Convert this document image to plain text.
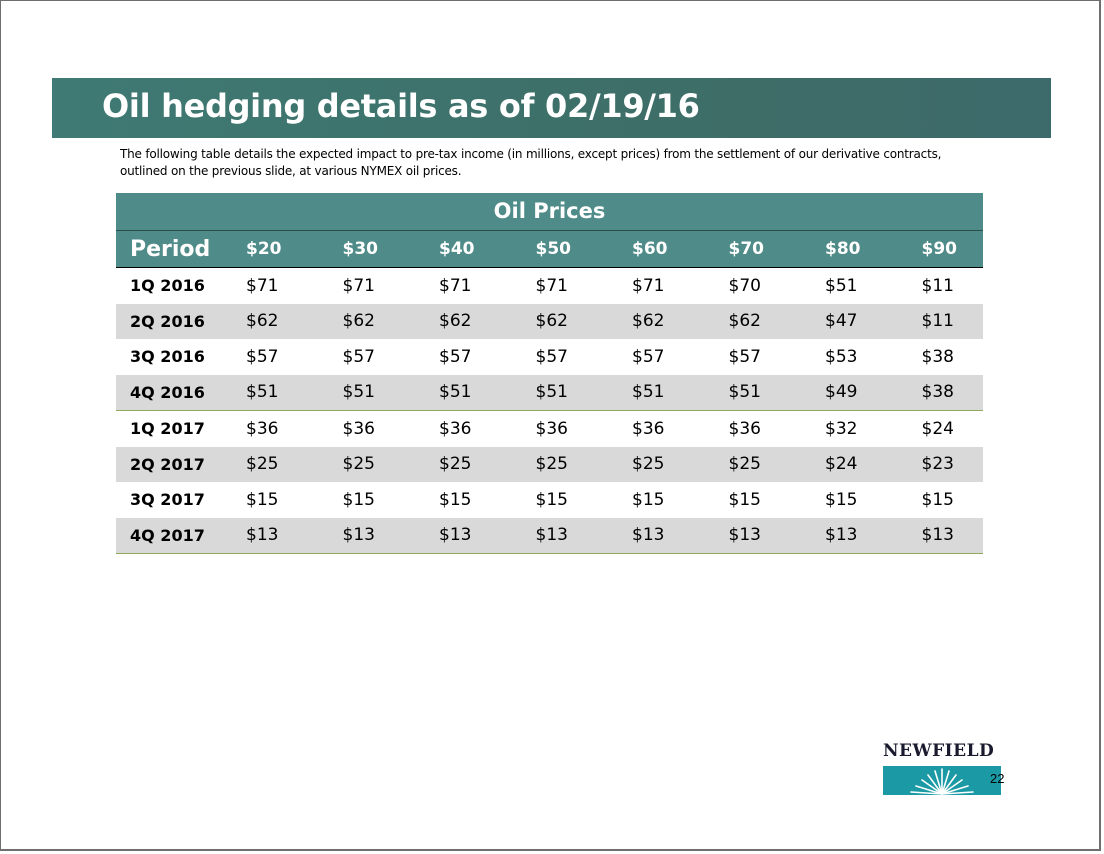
Oil hedging details as of 02/19/16
The following table details the expected impact to pre-tax income (in millions, except prices) from the settlement of our derivative contracts,
outlined on the previous slide, at various NYMEX oil prices.
Oil Prices
Period	$20	$30	$40	$50	$60	$70	$80	$90
1Q 2016	$71	$71	$71	$71	$71	$70	$51	$11
2Q 2016	$62	$62	$62	$62	$62	$62	$47	$11
3Q 2016	$57	$57	$57	$57	$57	$57	$53	$38
4Q 2016	$51	$51	$51	$51	$51	$51	$49	$38
1Q 2017	$36	$36	$36	$36	$36	$36	$32	$24
2Q 2017	$25	$25	$25	$25	$25	$25	$24	$23
3Q 2017	$15	$15	$15	$15	$15	$15	$15	$15
4Q 2017	$13	$13	$13	$13	$13	$13	$13	$13
NEWFIELD
22
